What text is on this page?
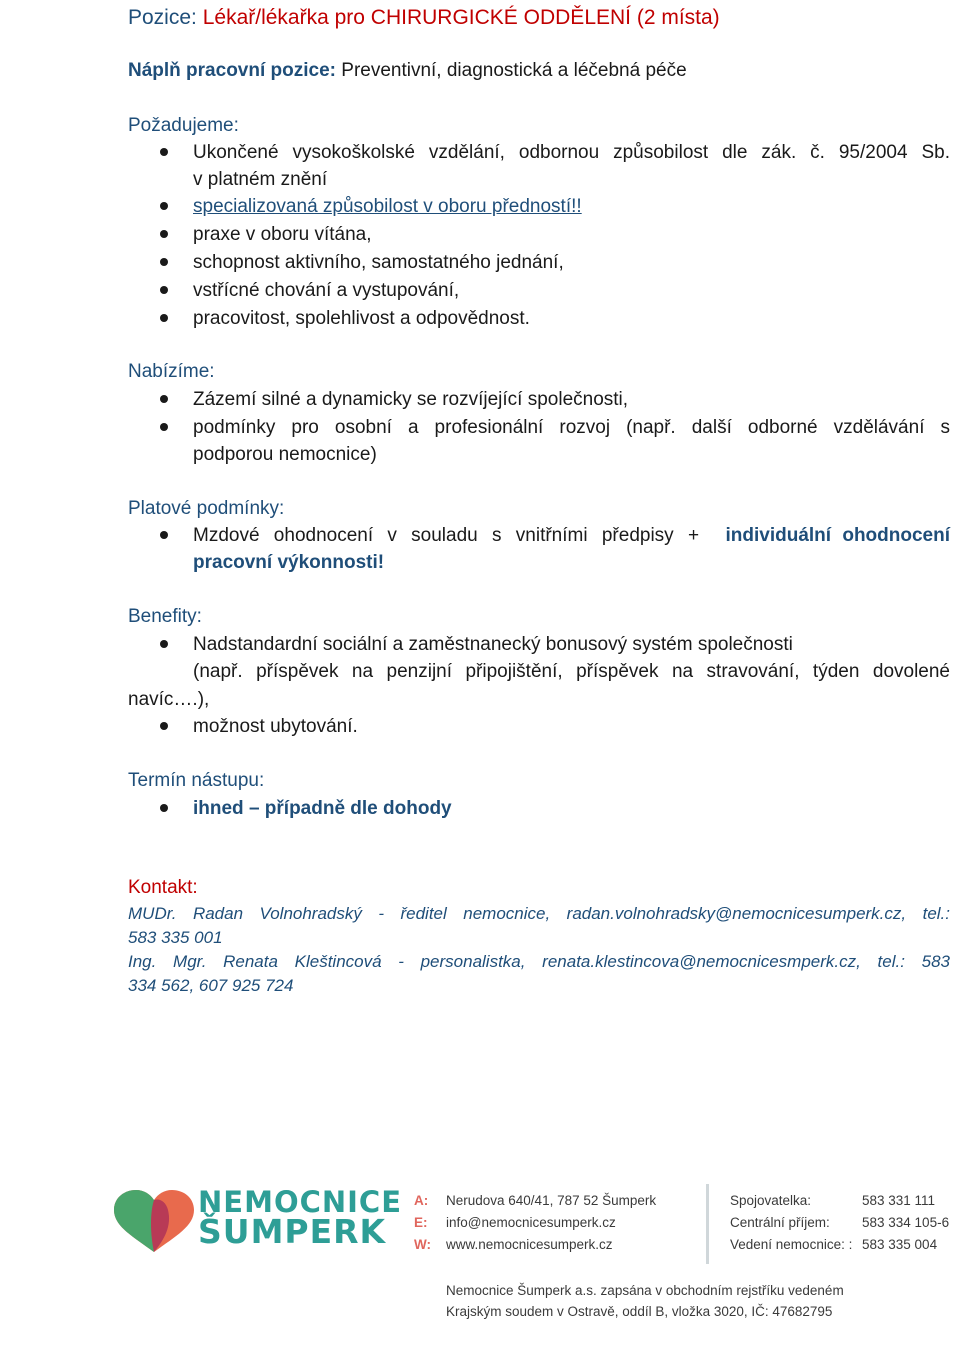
Pozice: Lékař/lékařka pro CHIRURGICKÉ ODDĚLENÍ (2 místa)
Náplň pracovní pozice: Preventivní, diagnostická a léčebná péče
Požadujeme:
Ukončené vysokoškolské vzdělání, odbornou způsobilost dle zák. č. 95/2004 Sb.
v platném znění
specializovaná způsobilost v oboru předností!!
praxe v oboru vítána,
schopnost aktivního, samostatného jednání,
vstřícné chování a vystupování,
pracovitost, spolehlivost a odpovědnost.
Nabízíme:
Zázemí silné a dynamicky se rozvíjející společnosti,
podmínky pro osobní a profesionální rozvoj (např. další odborné vzdělávání s
podporou nemocnice)
Platové podmínky:
Mzdové ohodnocení v souladu s vnitřními předpisy + individuální ohodnocení
pracovní výkonnosti!
Benefity:
Nadstandardní sociální a zaměstnanecký bonusový systém společnosti
(např. příspěvek na penzijní připojištění, příspěvek na stravování, týden dovolené
navíc….),
možnost ubytování.
Termín nástupu:
ihned – případně dle dohody
Kontakt:
MUDr. Radan Volnohradský - ředitel nemocnice, radan.volnohradsky@nemocnicesumperk.cz, tel.:
583 335 001
Ing. Mgr. Renata Kleštincová - personalistka, renata.klestincova@nemocnicesmperk.cz, tel.: 583
334 562, 607 925 724
NEMOCNICE
ŠUMPERK
A: Nerudova 640/41, 787 52 Šumperk
E: info@nemocnicesumperk.cz
W: www.nemocnicesumperk.cz
Spojovatelka:	583 331 111
Centrální příjem: 583 334 105-6
Vedení nemocnice: : 583 335 004
Nemocnice Šumperk a.s. zapsána v obchodním rejstříku vedeném
Krajským soudem v Ostravě, oddíl B, vložka 3020, IČ: 47682795
